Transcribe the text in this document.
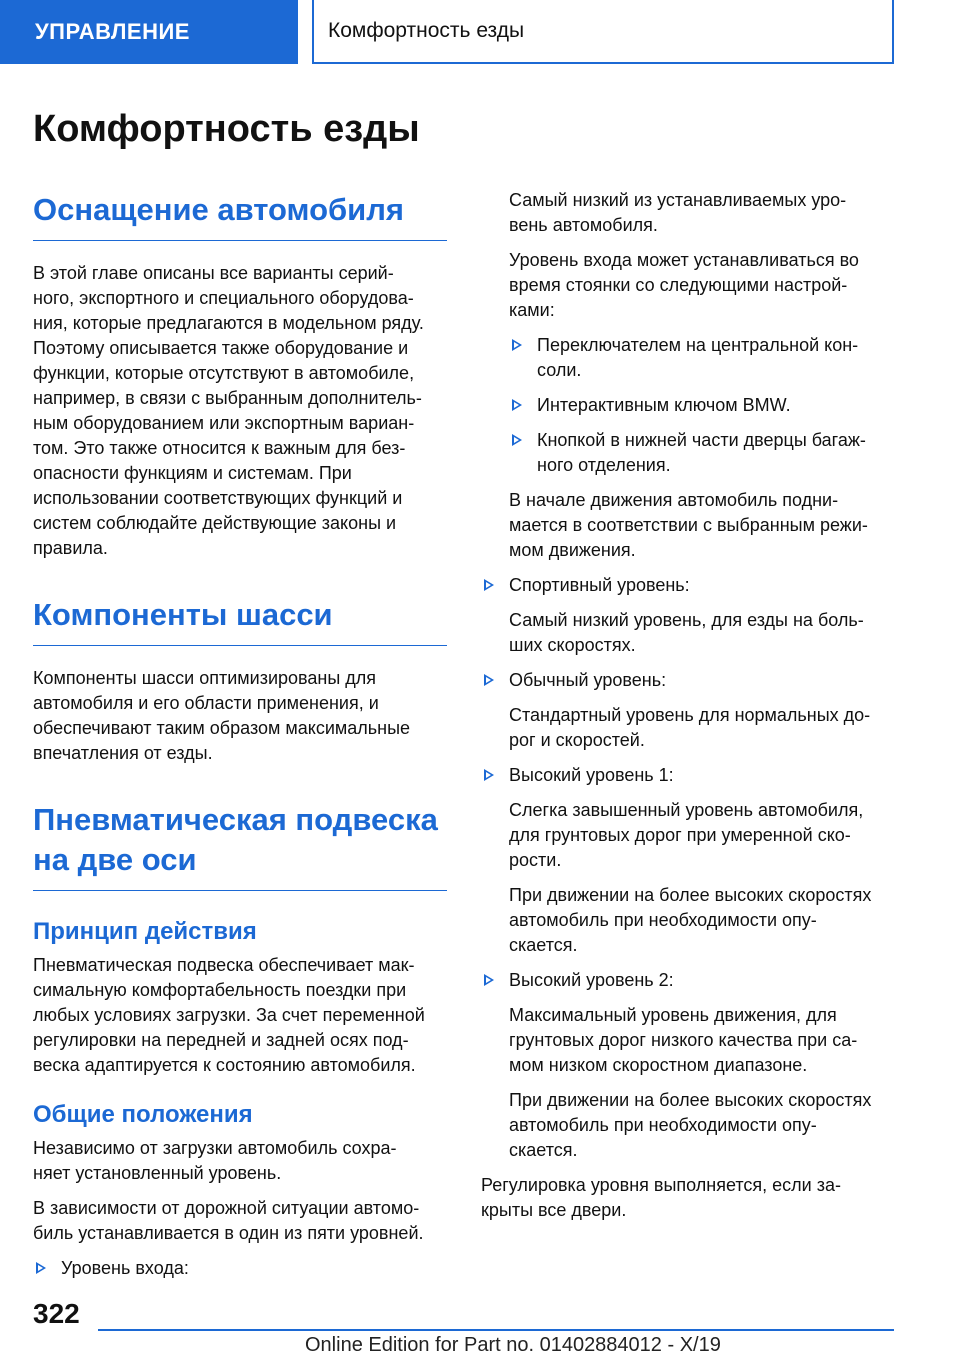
УПРАВЛЕНИЕ	Комфортность езды
Комфортность езды
Оснащение автомобиля

В этой главе описаны все варианты серий-
ного, экспортного и специального оборудова-
ния, которые предлагаются в модельном ряду.
Поэтому описывается также оборудование и
функции, которые отсутствуют в автомобиле,
например, в связи с выбранным дополнитель-
ным оборудованием или экспортным вариан-
том. Это также относится к важным для без-
опасности функциям и системам. При
использовании соответствующих функций и
систем соблюдайте действующие законы и
правила.

Компоненты шасси

Компоненты шасси оптимизированы для
автомобиля и его области применения, и
обеспечивают таким образом максимальные
впечатления от езды.

Пневматическая подвеска
на две оси
Принцип действия

Пневматическая подвеска обеспечивает мак-
симальную комфортабельность поездки при
любых условиях загрузки. За счет переменной
регулировки на передней и задней осях под-
веска адаптируется к состоянию автомобиля.

Общие положения

Независимо от загрузки автомобиль сохра-
няет установленный уровень.

В зависимости от дорожной ситуации автомо-
биль устанавливается в один из пяти уровней.

Уровень входа:

Самый низкий из устанавливаемых уро-
вень автомобиля.

Уровень входа может устанавливаться во
время стоянки со следующими настрой-
ками:

Переключателем на центральной кон-
соли.
Интерактивным ключом BMW.
Кнопкой в нижней части дверцы багаж-
ного отделения.

В начале движения автомобиль подни-
мается в соответствии с выбранным режи-
мом движения.

Спортивный уровень:

Самый низкий уровень, для езды на боль-
ших скоростях.

Обычный уровень:

Стандартный уровень для нормальных до-
рог и скоростей.

Высокий уровень 1:

Слегка завышенный уровень автомобиля,
для грунтовых дорог при умеренной ско-
рости.

При движении на более высоких скоростях
автомобиль при необходимости опу-
скается.

Высокий уровень 2:

Максимальный уровень движения, для
грунтовых дорог низкого качества при са-
мом низком скоростном диапазоне.

При движении на более высоких скоростях
автомобиль при необходимости опу-
скается.

Регулировка уровня выполняется, если за-
крыты все двери.

322
Online Edition for Part no. 01402884012 - X/19
